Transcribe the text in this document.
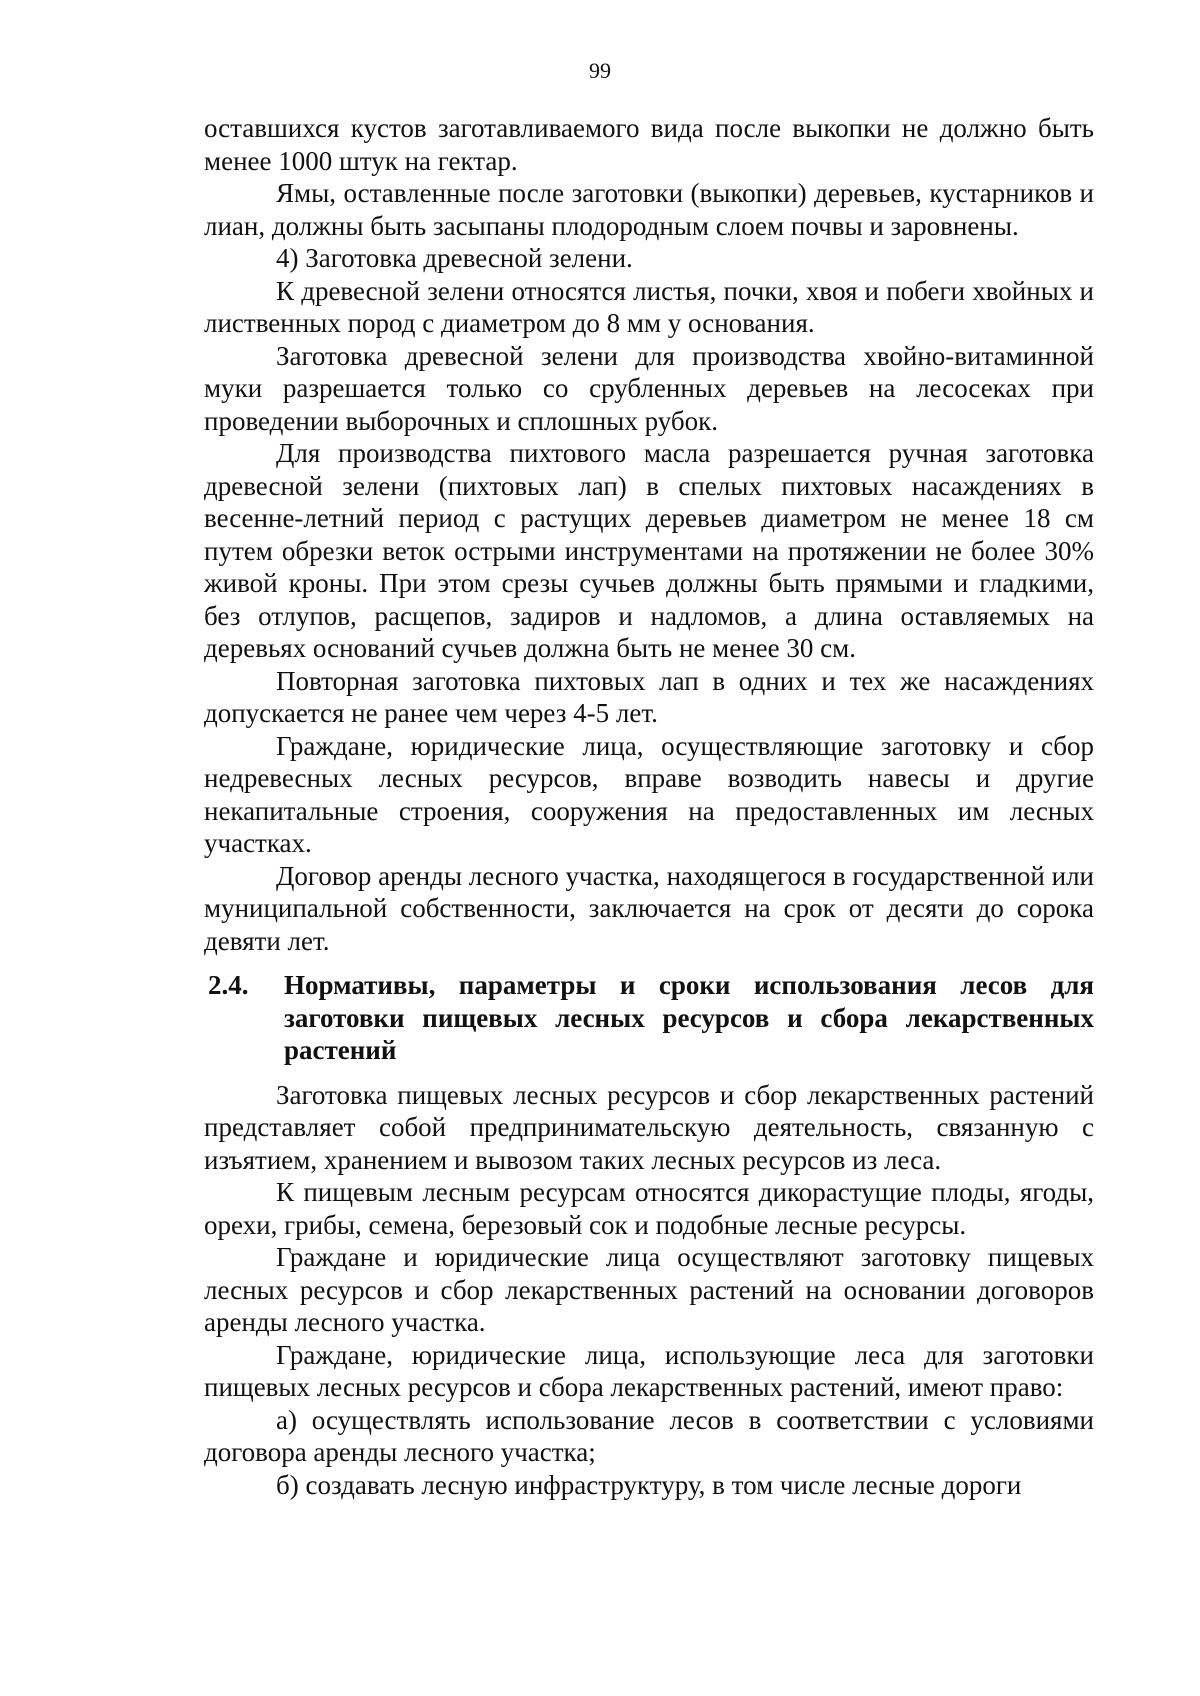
99

оставшихся кустов заготавливаемого вида после выкопки не должно быть менее 1000 штук на гектар.

Ямы, оставленные после заготовки (выкопки) деревьев, кустарников и лиан, должны быть засыпаны плодородным слоем почвы и заровнены.

4) Заготовка древесной зелени.

К древесной зелени относятся листья, почки, хвоя и побеги хвойных и лиственных пород с диаметром до 8 мм у основания.

Заготовка древесной зелени для производства хвойно-витаминной муки разрешается только со срубленных деревьев на лесосеках при проведении выборочных и сплошных рубок.

Для производства пихтового масла разрешается ручная заготовка древесной зелени (пихтовых лап) в спелых пихтовых насаждениях в весенне-летний период с растущих деревьев диаметром не менее 18 см путем обрезки веток острыми инструментами на протяжении не более 30% живой кроны. При этом срезы сучьев должны быть прямыми и гладкими, без отлупов, расщепов, задиров и надломов, а длина оставляемых на деревьях оснований сучьев должна быть не менее 30 см.

Повторная заготовка пихтовых лап в одних и тех же насаждениях допускается не ранее чем через 4-5 лет.

Граждане, юридические лица, осуществляющие заготовку и сбор недревесных лесных ресурсов, вправе возводить навесы и другие некапитальные строения, сооружения на предоставленных им лесных участках.

Договор аренды лесного участка, находящегося в государственной или муниципальной собственности, заключается на срок от десяти до сорока девяти лет.

2.4.	Нормативы, параметры и сроки использования лесов для заготовки пищевых лесных ресурсов и сбора лекарственных растений

Заготовка пищевых лесных ресурсов и сбор лекарственных растений представляет собой предпринимательскую деятельность, связанную с изъятием, хранением и вывозом таких лесных ресурсов из леса.

К пищевым лесным ресурсам относятся дикорастущие плоды, ягоды, орехи, грибы, семена, березовый сок и подобные лесные ресурсы.

Граждане и юридические лица осуществляют заготовку пищевых лесных ресурсов и сбор лекарственных растений на основании договоров аренды лесного участка.

Граждане, юридические лица, использующие леса для заготовки пищевых лесных ресурсов и сбора лекарственных растений, имеют право:

а) осуществлять использование лесов в соответствии с условиями договора аренды лесного участка;

б) создавать лесную инфраструктуру, в том числе лесные дороги
